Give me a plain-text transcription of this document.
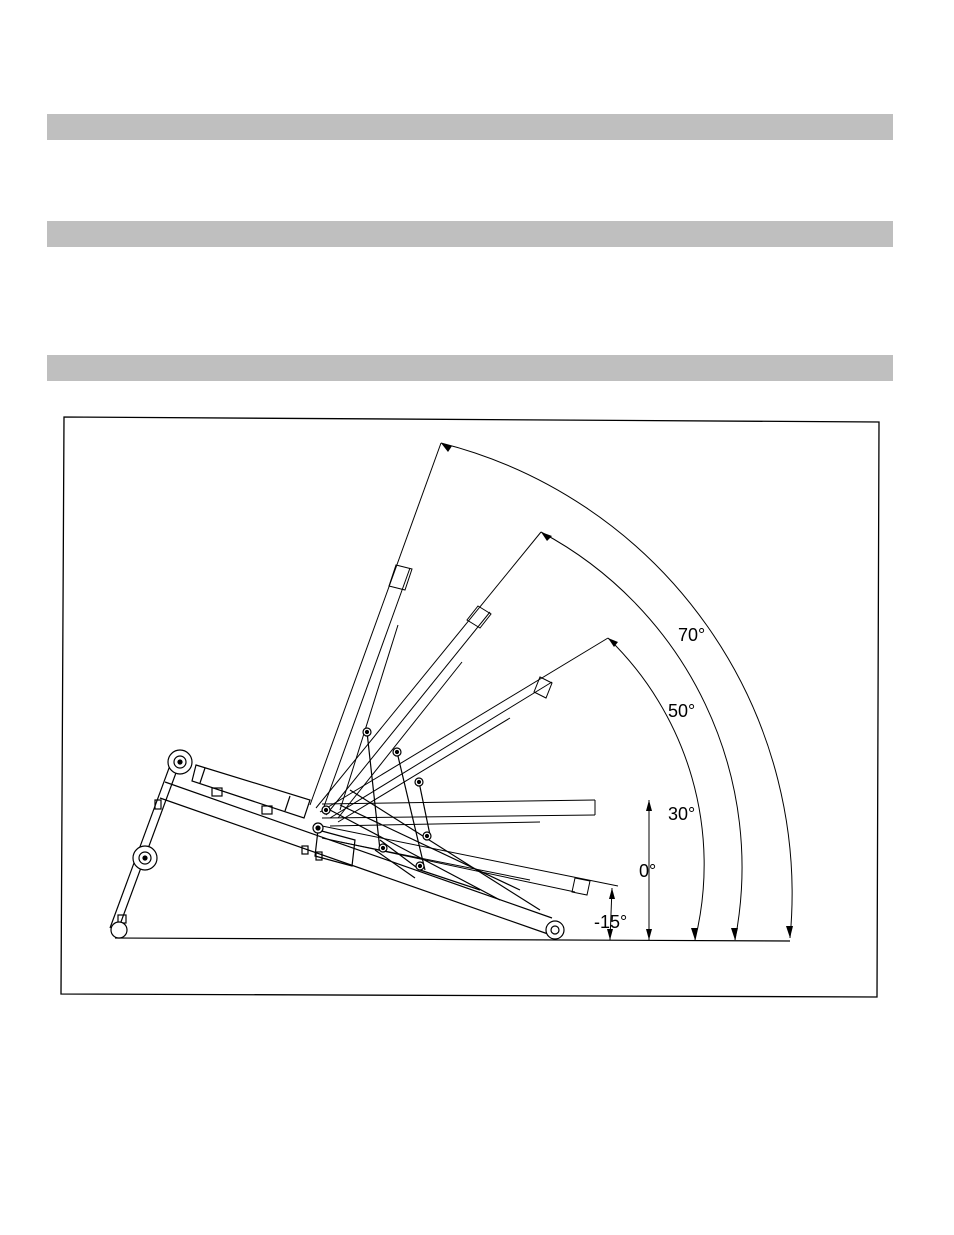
70°
50°
30°
0°
-15°
